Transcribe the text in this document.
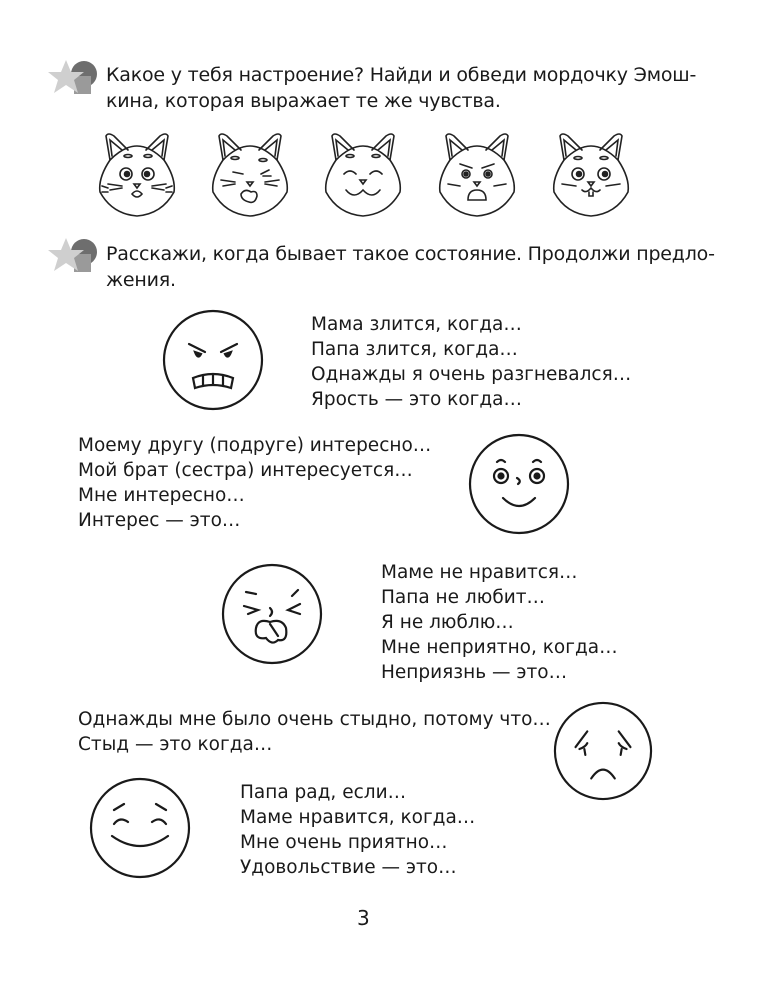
Какое у тебя настроение? Найди и обведи мордочку Эмош-
кина, которая выражает те же чувства.
Расскажи, когда бывает такое состояние. Продолжи предло-
жения.
Мама злится, когда…
Папа злится, когда…
Однажды я очень разгневался…
Ярость — это когда…
Моему другу (подруге) интересно…
Мой брат (сестра) интересуется…
Мне интересно…
Интерес — это…
Маме не нравится…
Папа не любит…
Я не люблю…
Мне неприятно, когда…
Неприязнь — это…
Однажды мне было очень стыдно, потому что…
Стыд — это когда…
Папа рад, если…
Маме нравится, когда…
Мне очень приятно…
Удовольствие — это…
3
